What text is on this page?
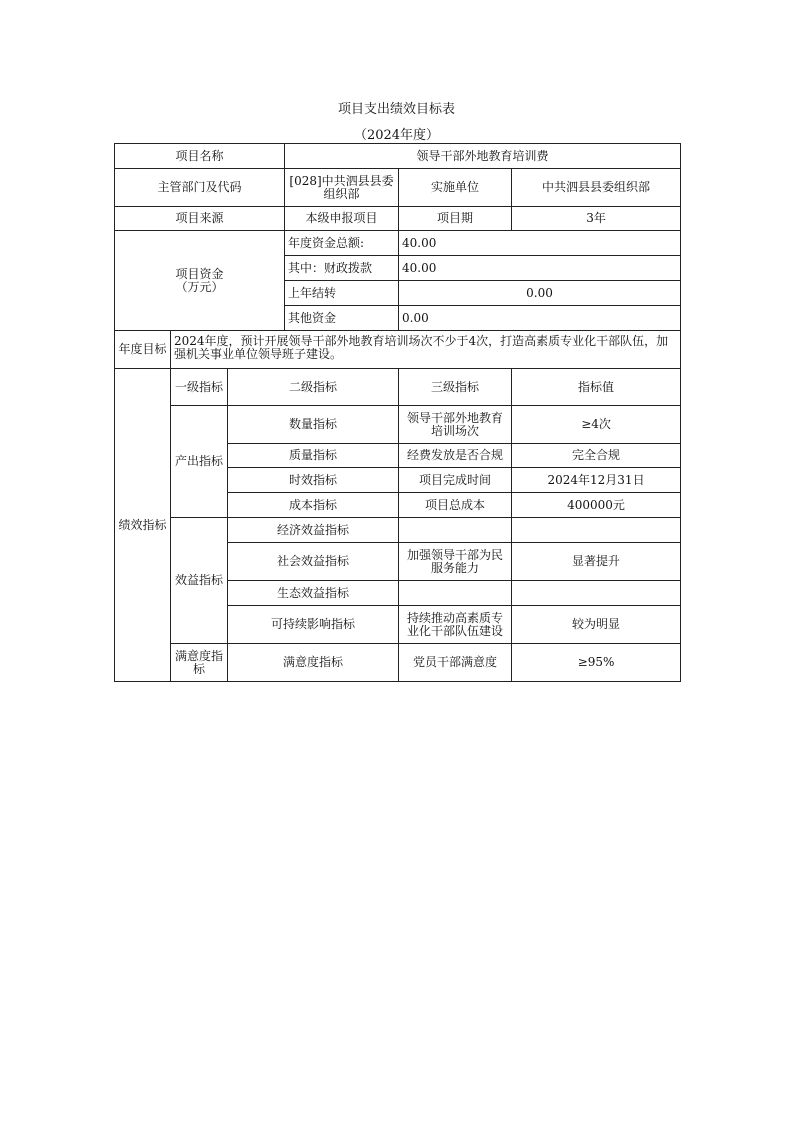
项目支出绩效目标表
（2024年度）
项目名称			领导干部外地教育培训费		
主管部门及代码			[028]中共泗县县委组织部	实施单位	中共泗县县委组织部
项目来源			本级申报项目	项目期	3年

项目资金
（万元）			年度资金总额:	40.00	
			其中：财政拨款	40.00	
			上年结转	0.00	
			其他资金	0.00	
年度目标	2024年度，预计开展领导干部外地教育培训场次不少于4次，打造高素质专业化干部队伍，加强机关事业单位领导班子建设。				
绩效指标	一级指标	二级指标		三级指标	指标值
	产出指标	数量指标		领导干部外地教育培训场次	≥4次
		质量指标		经费发放是否合规	完全合规
		时效指标		项目完成时间	2024年12月31日
		成本指标		项目总成本	400000元
	效益指标	经济效益指标			
		社会效益指标		加强领导干部为民服务能力	显著提升
		生态效益指标			
		可持续影响指标		持续推动高素质专业化干部队伍建设	较为明显
	满意度指标	满意度指标		党员干部满意度	≥95%
